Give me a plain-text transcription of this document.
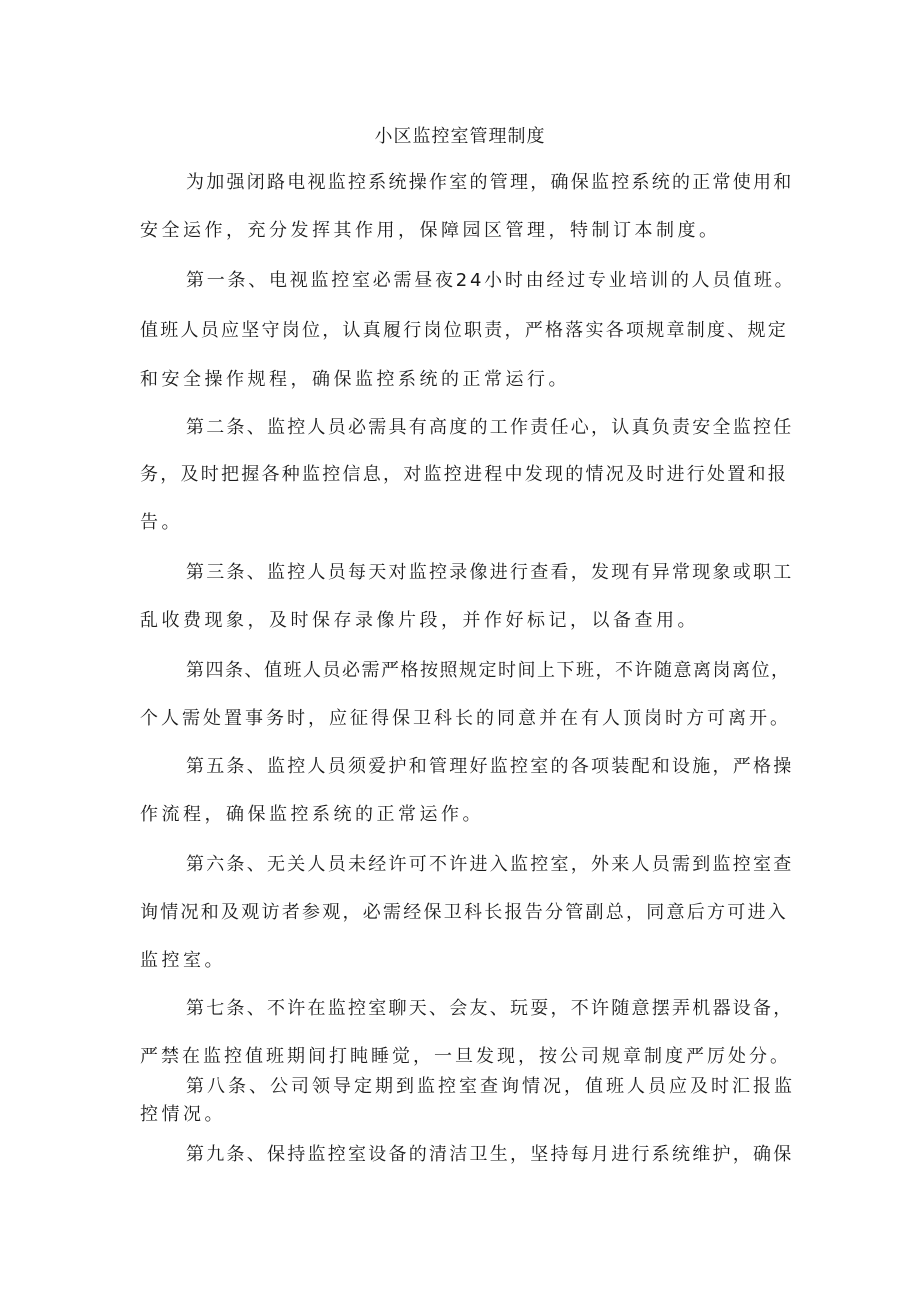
小区监控室管理制度
为加强闭路电视监控系统操作室的管理，确保监控系统的正常使用和
安全运作，充分发挥其作用，保障园区管理，特制订本制度。
第一条、电视监控室必需昼夜24小时由经过专业培训的人员值班。
值班人员应坚守岗位，认真履行岗位职责，严格落实各项规章制度、规定
和安全操作规程，确保监控系统的正常运行。
第二条、监控人员必需具有高度的工作责任心，认真负责安全监控任
务，及时把握各种监控信息，对监控进程中发现的情况及时进行处置和报
告。
第三条、监控人员每天对监控录像进行查看，发现有异常现象或职工
乱收费现象，及时保存录像片段，并作好标记，以备查用。
第四条、值班人员必需严格按照规定时间上下班，不许随意离岗离位，
个人需处置事务时，应征得保卫科长的同意并在有人顶岗时方可离开。
第五条、监控人员须爱护和管理好监控室的各项装配和设施，严格操
作流程，确保监控系统的正常运作。
第六条、无关人员未经许可不许进入监控室，外来人员需到监控室查
询情况和及观访者参观，必需经保卫科长报告分管副总，同意后方可进入
监控室。
第七条、不许在监控室聊天、会友、玩耍，不许随意摆弄机器设备，
严禁在监控值班期间打盹睡觉，一旦发现，按公司规章制度严厉处分。
第八条、公司领导定期到监控室查询情况，值班人员应及时汇报监
控情况。
第九条、保持监控室设备的清洁卫生，坚持每月进行系统维护，确保
